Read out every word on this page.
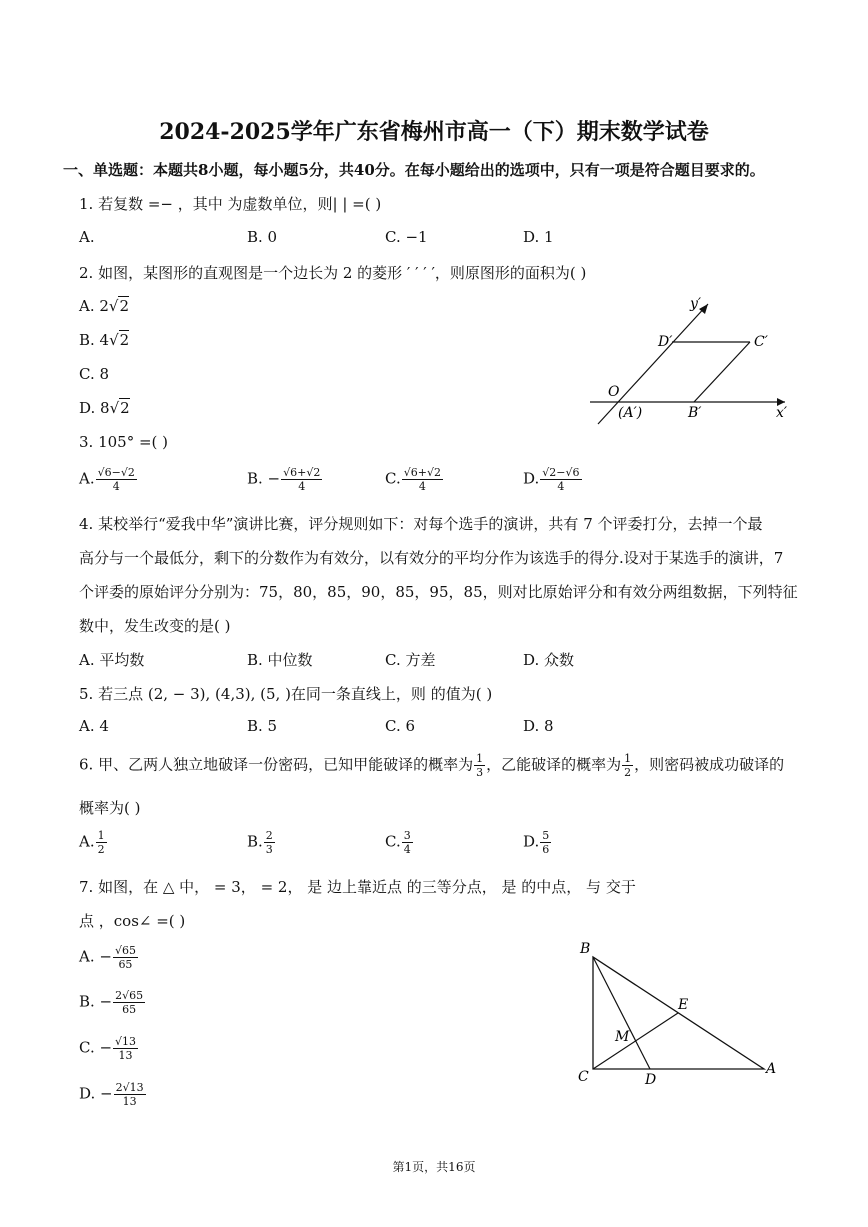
2024-2025学年广东省梅州市高一（下）期末数学试卷
一、单选题：本题共8小题，每小题5分，共40分。在每小题给出的选项中，只有一项是符合题目要求的。
1. 若复数 =− ，其中 为虚数单位，则| | =( )
A.	B. 0	C. −1	D. 1
2. 如图，某图形的直观图是一个边长为 2 的菱形 ′ ′ ′ ′，则原图形的面积为( )
A. 2√2
B. 4√2
C. 8
D. 8√2
y′
D′	C′
O
(A′)	B′	x′
3. 105° =( )
A. $\frac{√6-√2}{4}$	B. − $\frac{√6+√2}{4}$	C. $\frac{√6+√2}{4}$	D. $\frac{√2-√6}{4}$
4. 某校举行“爱我中华”演讲比赛，评分规则如下：对每个选手的演讲，共有 7 个评委打分，去掉一个最
高分与一个最低分，剩下的分数作为有效分，以有效分的平均分作为该选手的得分.设对于某选手的演讲，7
个评委的原始评分分别为：75，80，85，90，85，95，85，则对比原始评分和有效分两组数据，下列特征
数中，发生改变的是( )
A. 平均数	B. 中位数	C. 方差	D. 众数
5. 若三点 (2, − 3), (4,3), (5, )在同一条直线上，则 的值为( )
A. 4	B. 5	C. 6	D. 8
6. 甲、乙两人独立地破译一份密码，已知甲能破译的概率为 $\frac{1}{3}$ ，乙能破译的概率为 $\frac{1}{2}$ ，则密码被成功破译的
概率为( )
A. $\frac{1}{2}$	B. $\frac{2}{3}$	C. $\frac{3}{4}$	D. $\frac{5}{6}$
7. 如图，在 △ 中， = 3， = 2， 是 边上靠近点 的三等分点， 是 的中点， 与 交于
点 ，cos∠ =( )
A. − $\frac{√65}{65}$
B. − $\frac{2√65}{65}$
C. − $\frac{√13}{13}$
D. − $\frac{2√13}{13}$
B
E
M
C	D
A
第1页，共16页
